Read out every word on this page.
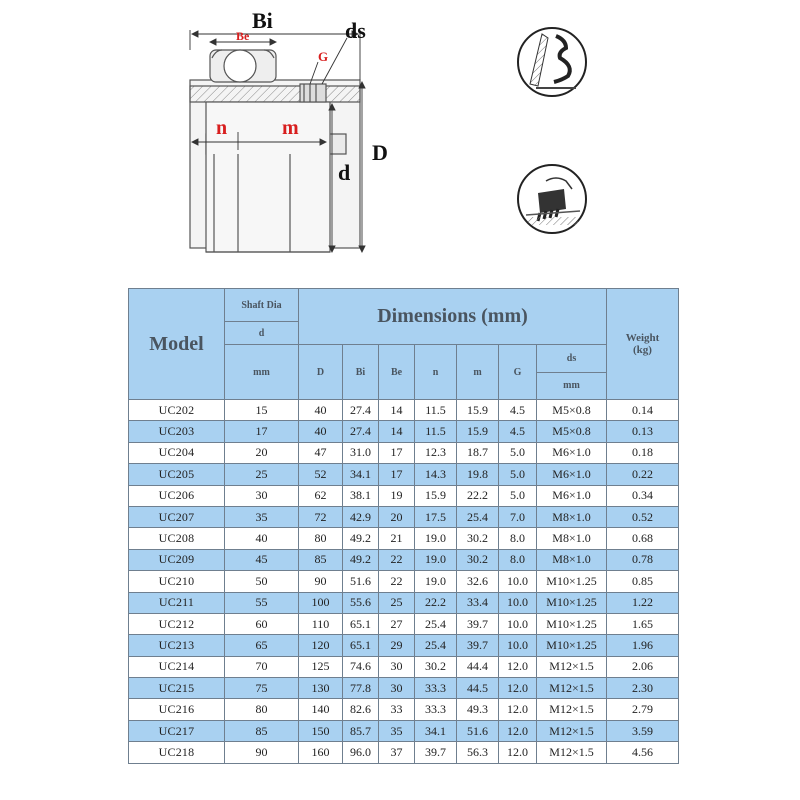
Bi
Be	ds
G
n	m
d
D
Model	Shaft Dia	Dimensions (mm)							Weight (kg)
	d								
	mm	D	Bi	Be	n	m	G	ds
mm	

UC202	15	40	27.4	14	11.5	15.9	4.5	M5×0.8	0.14
UC203	17	40	27.4	14	11.5	15.9	4.5	M5×0.8	0.13
UC204	20	47	31.0	17	12.3	18.7	5.0	M6×1.0	0.18
UC205	25	52	34.1	17	14.3	19.8	5.0	M6×1.0	0.22
UC206	30	62	38.1	19	15.9	22.2	5.0	M6×1.0	0.34
UC207	35	72	42.9	20	17.5	25.4	7.0	M8×1.0	0.52
UC208	40	80	49.2	21	19.0	30.2	8.0	M8×1.0	0.68
UC209	45	85	49.2	22	19.0	30.2	8.0	M8×1.0	0.78
UC210	50	90	51.6	22	19.0	32.6	10.0	M10×1.25	0.85
UC211	55	100	55.6	25	22.2	33.4	10.0	M10×1.25	1.22
UC212	60	110	65.1	27	25.4	39.7	10.0	M10×1.25	1.65
UC213	65	120	65.1	29	25.4	39.7	10.0	M10×1.25	1.96
UC214	70	125	74.6	30	30.2	44.4	12.0	M12×1.5	2.06
UC215	75	130	77.8	30	33.3	44.5	12.0	M12×1.5	2.30
UC216	80	140	82.6	33	33.3	49.3	12.0	M12×1.5	2.79
UC217	85	150	85.7	35	34.1	51.6	12.0	M12×1.5	3.59
UC218	90	160	96.0	37	39.7	56.3	12.0	M12×1.5	4.56
